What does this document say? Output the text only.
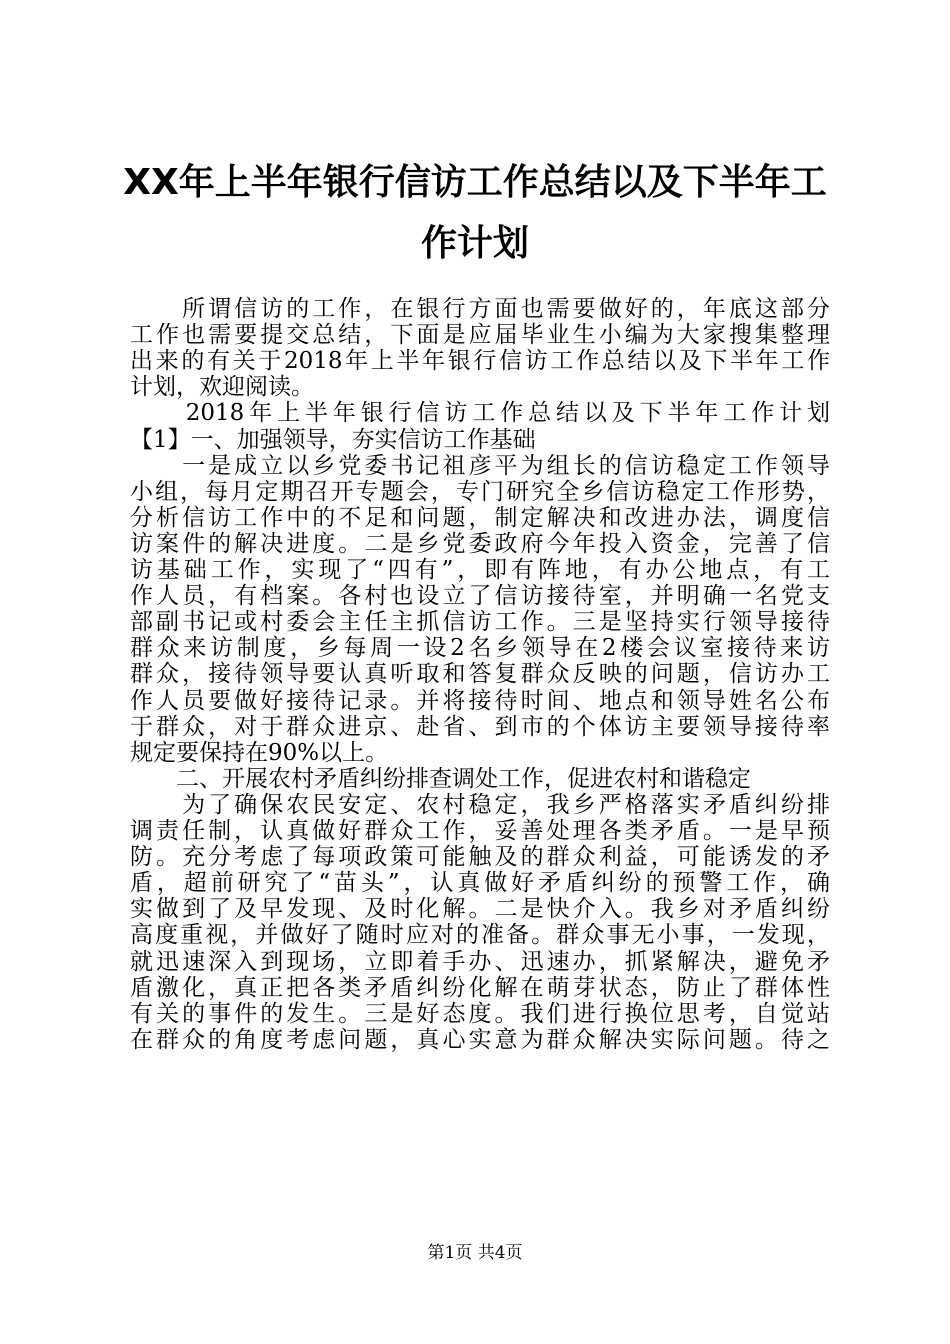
XX年上半年银行信访工作总结以及下半年工
作计划
　　所谓信访的工作，在银行方面也需要做好的，年底这部分
工作也需要提交总结，下面是应届毕业生小编为大家搜集整理
出来的有关于2018年上半年银行信访工作总结以及下半年工作
计划，欢迎阅读。
　　2018年上半年银行信访工作总结以及下半年工作计划
【1】一、加强领导，夯实信访工作基础
　　一是成立以乡党委书记祖彦平为组长的信访稳定工作领导
小组，每月定期召开专题会，专门研究全乡信访稳定工作形势，
分析信访工作中的不足和问题，制定解决和改进办法，调度信
访案件的解决进度。二是乡党委政府今年投入资金，完善了信
访基础工作，实现了“四有”，即有阵地，有办公地点，有工
作人员，有档案。各村也设立了信访接待室，并明确一名党支
部副书记或村委会主任主抓信访工作。三是坚持实行领导接待
群众来访制度，乡每周一设2名乡领导在2楼会议室接待来访
群众，接待领导要认真听取和答复群众反映的问题，信访办工
作人员要做好接待记录。并将接待时间、地点和领导姓名公布
于群众，对于群众进京、赴省、到市的个体访主要领导接待率
规定要保持在90%以上。
　　二、开展农村矛盾纠纷排查调处工作，促进农村和谐稳定
　　为了确保农民安定、农村稳定，我乡严格落实矛盾纠纷排
调责任制，认真做好群众工作，妥善处理各类矛盾。一是早预
防。充分考虑了每项政策可能触及的群众利益，可能诱发的矛
盾，超前研究了“苗头”，认真做好矛盾纠纷的预警工作，确
实做到了及早发现、及时化解。二是快介入。我乡对矛盾纠纷
高度重视，并做好了随时应对的准备。群众事无小事，一发现，
就迅速深入到现场，立即着手办、迅速办，抓紧解决，避免矛
盾激化，真正把各类矛盾纠纷化解在萌芽状态，防止了群体性
有关的事件的发生。三是好态度。我们进行换位思考，自觉站
在群众的角度考虑问题，真心实意为群众解决实际问题。待之
第1页 共4页
